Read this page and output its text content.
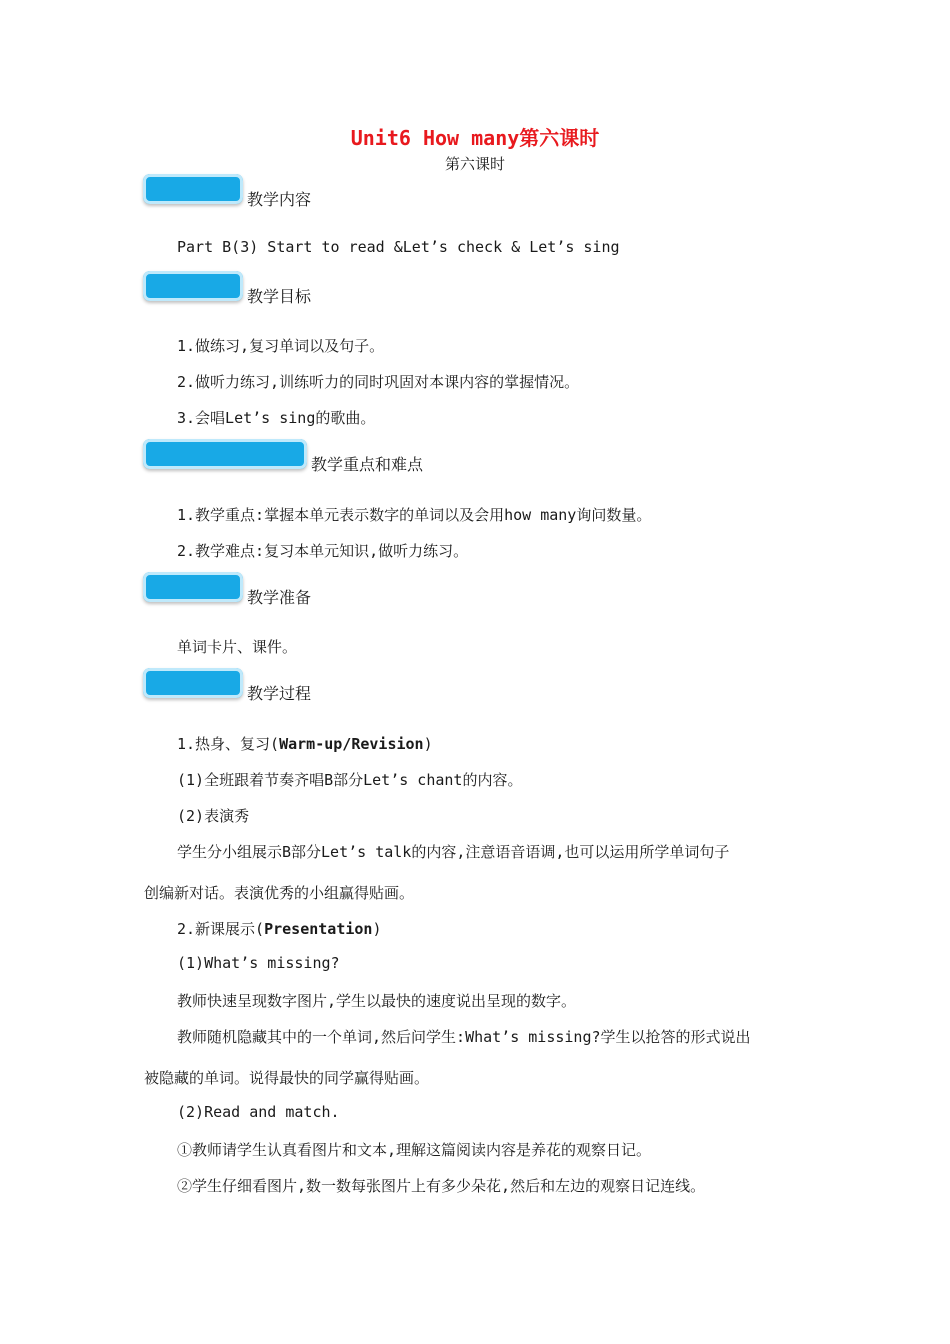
Unit6 How many第六课时
第六课时
教学内容
Part B(3) Start to read &Let’s check & Let’s sing
教学目标
1.做练习,复习单词以及句子。
2.做听力练习,训练听力的同时巩固对本课内容的掌握情况。
3.会唱Let’s sing的歌曲。
教学重点和难点
1.教学重点:掌握本单元表示数字的单词以及会用how many询问数量。
2.教学难点:复习本单元知识,做听力练习。
教学准备
单词卡片、课件。
教学过程
1.热身、复习(Warm-up/Revision)
(1)全班跟着节奏齐唱B部分Let’s chant的内容。
(2)表演秀
学生分小组展示B部分Let’s talk的内容,注意语音语调,也可以运用所学单词句子
创编新对话。表演优秀的小组赢得贴画。
2.新课展示(Presentation)
(1)What’s missing?
教师快速呈现数字图片,学生以最快的速度说出呈现的数字。
教师随机隐藏其中的一个单词,然后问学生:What’s missing?学生以抢答的形式说出
被隐藏的单词。说得最快的同学赢得贴画。
(2)Read and match.
①教师请学生认真看图片和文本,理解这篇阅读内容是养花的观察日记。
②学生仔细看图片,数一数每张图片上有多少朵花,然后和左边的观察日记连线。
